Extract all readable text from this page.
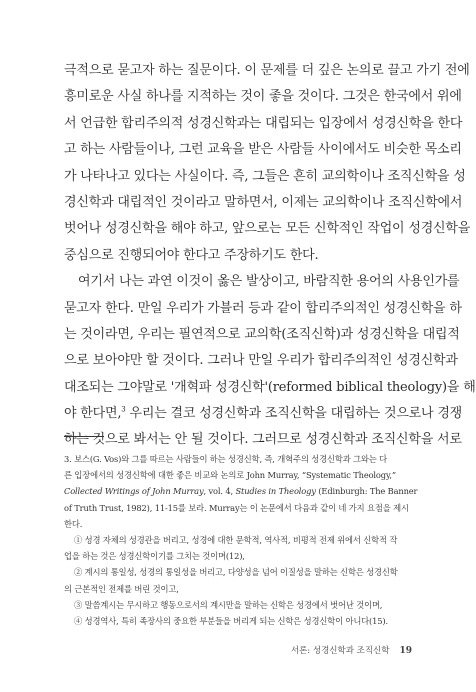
극적으로 묻고자 하는 질문이다. 이 문제를 더 깊은 논의로 끌고 가기 전에

흥미로운 사실 하나를 지적하는 것이 좋을 것이다. 그것은 한국에서 위에

서 언급한 합리주의적 성경신학과는 대립되는 입장에서 성경신학을 한다

고 하는 사람들이나, 그런 교육을 받은 사람들 사이에서도 비슷한 목소리

가 나타나고 있다는 사실이다. 즉, 그들은 흔히 교의학이나 조직신학을 성

경신학과 대립적인 것이라고 말하면서, 이제는 교의학이나 조직신학에서

벗어나 성경신학을 해야 하고, 앞으로는 모든 신학적인 작업이 성경신학을

중심으로 진행되어야 한다고 주장하기도 한다.

여기서 나는 과연 이것이 옳은 발상이고, 바람직한 용어의 사용인가를

묻고자 한다. 만일 우리가 가블러 등과 같이 합리주의적인 성경신학을 하

는 것이라면, 우리는 필연적으로 교의학(조직신학)과 성경신학을 대립적

으로 보아야만 할 것이다. 그러나 만일 우리가 합리주의적인 성경신학과

대조되는 그야말로 '개혁파 성경신학'(reformed biblical theology)을 해

야 한다면,$^3$ 우리는 결코 성경신학과 조직신학을 대립하는 것으로나 경쟁

하는 것으로 봐서는 안 될 것이다. 그러므로 성경신학과 조직신학을 서로

3. 보스(G. Vos)와 그를 따르는 사람들이 하는 성경신학, 즉, 개혁주의 성경신학과 그와는 다
른 입장에서의 성경신학에 대한 좋은 비교와 논의로 John Murray, “Systematic Theology,”
Collected Writings of John Murray, vol. 4, Studies in Theology (Edinburgh: The Banner
of Truth Trust, 1982), 11-15를 보라. Murray는 이 논문에서 다음과 같이 네 가지 요점을 제시
한다.
① 성경 자체의 성경관을 버리고, 성경에 대한 문학적, 역사적, 비평적 전제 위에서 신학적 작
업을 하는 것은 성경신학이기를 그치는 것이며(12),
② 계시의 통일성, 성경의 통일성을 버리고, 다양성을 넘어 이질성을 말하는 신학은 성경신학
의 근본적인 전제를 버린 것이고,
③ 말씀계시는 무시하고 행동으로서의 계시만을 말하는 신학은 성경에서 벗어난 것이며,
④ 성경역사, 특히 족장사의 중요한 부분들을 버리게 되는 신학은 성경신학이 아니다(15).
서론: 성경신학과 조직신학 19
